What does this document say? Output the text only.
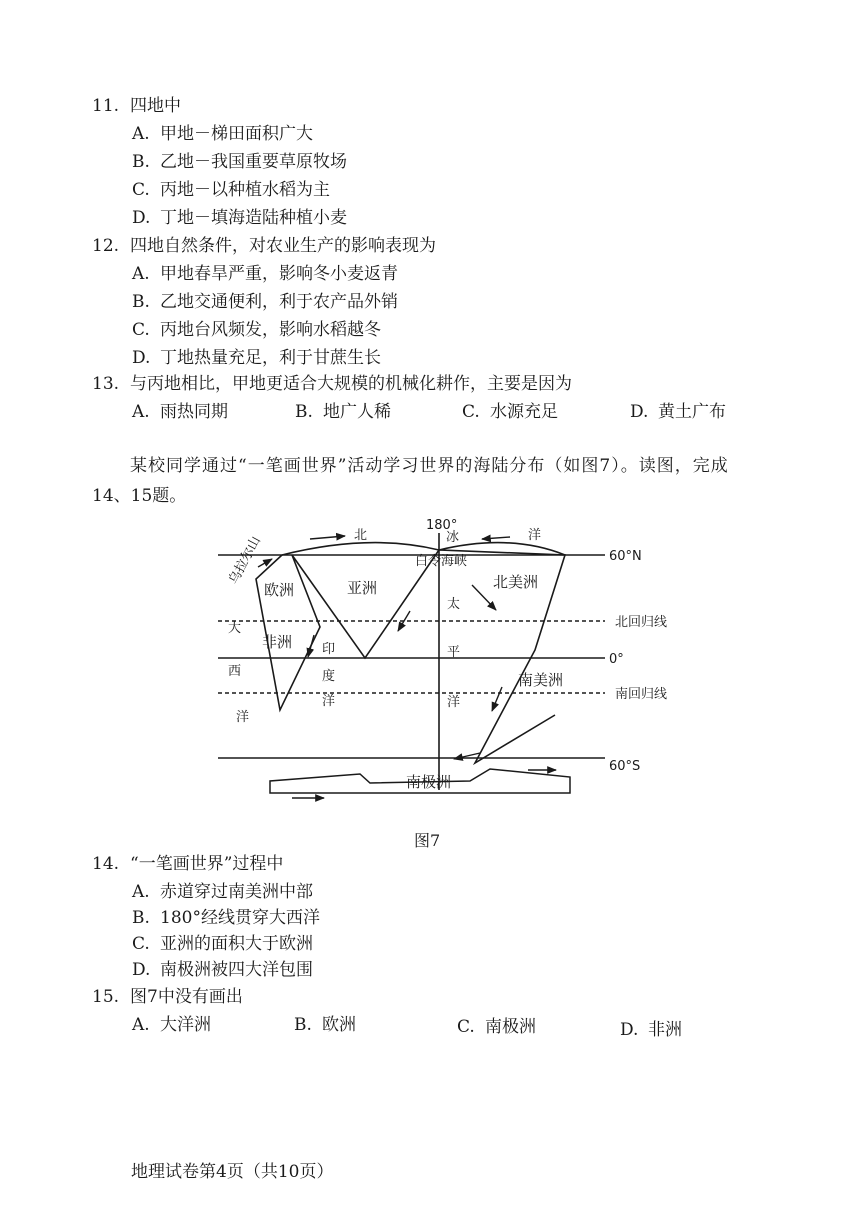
11. 四地中
A. 甲地－梯田面积广大
B. 乙地－我国重要草原牧场
C. 丙地－以种植水稻为主
D. 丁地－填海造陆种植小麦
12. 四地自然条件，对农业生产的影响表现为
A. 甲地春旱严重，影响冬小麦返青
B. 乙地交通便利，利于农产品外销
C. 丙地台风频发，影响水稻越冬
D. 丁地热量充足，利于甘蔗生长
13. 与丙地相比，甲地更适合大规模的机械化耕作，主要是因为
A. 雨热同期	B. 地广人稀	C. 水源充足	D. 黄土广布
某校同学通过“一笔画世界”活动学习世界的海陆分布（如图7）。读图，完成
14、15题。
60°N
北回归线
0°
南回归线
60°S
180°
欧洲	亚洲
非洲
北美洲
南美洲
南极洲
白令海峡
乌拉尔山	北	冰	洋
大
西
洋
印
度
洋
太
平
洋
图7
14. “一笔画世界”过程中
A. 赤道穿过南美洲中部
B. 180°经线贯穿大西洋
C. 亚洲的面积大于欧洲
D. 南极洲被四大洋包围
15. 图7中没有画出
A. 大洋洲	B. 欧洲	C. 南极洲	D. 非洲
地理试卷第4页（共10页）
